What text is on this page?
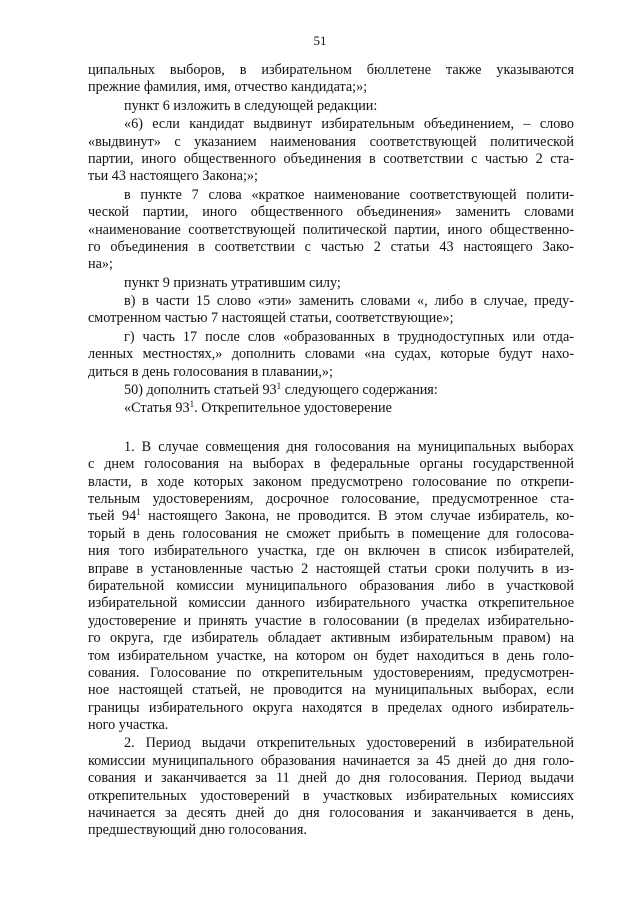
51
ципальных выборов, в избирательном бюллетене также указываются
прежние фамилия, имя, отчество кандидата;»;
пункт 6 изложить в следующей редакции:
«6) если кандидат выдвинут избирательным объединением, – слово
«выдвинут» с указанием наименования соответствующей политической
партии, иного общественного объединения в соответствии с частью 2 ста-
тьи 43 настоящего Закона;»;
в пункте 7 слова «краткое наименование соответствующей полити-
ческой партии, иного общественного объединения» заменить словами
«наименование соответствующей политической партии, иного общественно-
го объединения в соответствии с частью 2 статьи 43 настоящего Зако-
на»;
пункт 9 признать утратившим силу;
в) в части 15 слово «эти» заменить словами «, либо в случае, преду-
смотренном частью 7 настоящей статьи, соответствующие»;
г) часть 17 после слов «образованных в труднодоступных или отда-
ленных местностях,» дополнить словами «на судах, которые будут нахо-
диться в день голосования в плавании,»;
50) дополнить статьей $93^1$ следующего содержания:
«Статья $93^1$. Открепительное удостоверение
1. В случае совмещения дня голосования на муниципальных выборах
с днем голосования на выборах в федеральные органы государственной
власти, в ходе которых законом предусмотрено голосование по открепи-
тельным удостоверениям, досрочное голосование, предусмотренное ста-
тьей $94^1$ настоящего Закона, не проводится. В этом случае избиратель, ко-
торый в день голосования не сможет прибыть в помещение для голосова-
ния того избирательного участка, где он включен в список избирателей,
вправе в установленные частью 2 настоящей статьи сроки получить в из-
бирательной комиссии муниципального образования либо в участковой
избирательной комиссии данного избирательного участка открепительное
удостоверение и принять участие в голосовании (в пределах избирательно-
го округа, где избиратель обладает активным избирательным правом) на
том избирательном участке, на котором он будет находиться в день голо-
сования. Голосование по открепительным удостоверениям, предусмотрен-
ное настоящей статьей, не проводится на муниципальных выборах, если
границы избирательного округа находятся в пределах одного избиратель-
ного участка.
2. Период выдачи открепительных удостоверений в избирательной
комиссии муниципального образования начинается за 45 дней до дня голо-
сования и заканчивается за 11 дней до дня голосования. Период выдачи
открепительных удостоверений в участковых избирательных комиссиях
начинается за десять дней до дня голосования и заканчивается в день,
предшествующий дню голосования.
